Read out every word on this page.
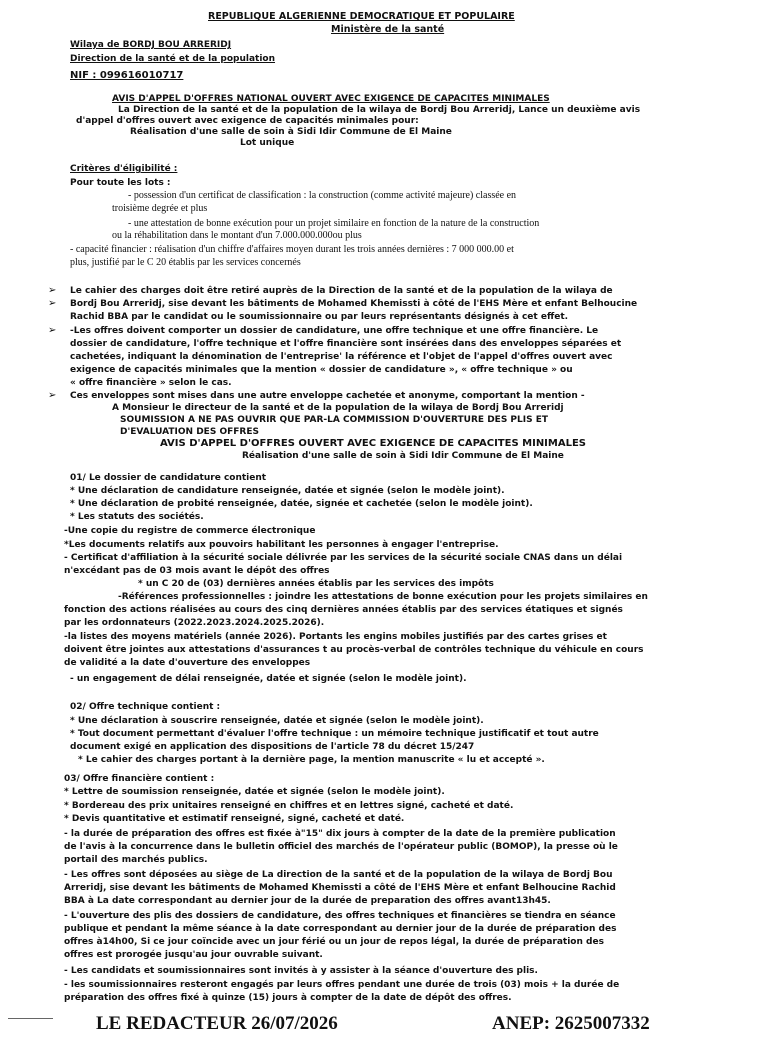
REPUBLIQUE ALGERIENNE DEMOCRATIQUE ET POPULAIRE
Ministère de la santé
Wilaya de BORDJ BOU ARRERIDJ
Direction de la santé et de la population
NIF : 099616010717
AVIS D'APPEL D'OFFRES NATIONAL OUVERT AVEC EXIGENCE DE CAPACITES MINIMALES
La Direction de la santé et de la population de la wilaya de Bordj Bou Arreridj, Lance un deuxième avis
d'appel d'offres ouvert avec exigence de capacités minimales pour:
Réalisation d'une salle de soin à Sidi Idir Commune de El Maine
Lot unique
Critères d'éligibilité :
Pour toute les lots :
- possession d'un certificat de classification : la construction (comme activité majeure) classée en
troisième degrée et plus
- une attestation de bonne exécution pour un projet similaire en fonction de la nature de la construction
ou la réhabilitation dans le montant d'un 7.000.000.000ou plus
- capacité financier : réalisation d'un chiffre d'affaires moyen durant les trois années dernières : 7 000 000.00 et
plus, justifié par le C 20 établis par les services concernés
➢
➢
➢
➢
Le cahier des charges doit être retiré auprès de la Direction de la santé et de la population de la wilaya de
Bordj Bou Arreridj, sise devant les bâtiments de Mohamed Khemissti à côté de l'EHS Mère et enfant Belhoucine
Rachid BBA par le candidat ou le soumissionnaire ou par leurs représentants désignés à cet effet.
-Les offres doivent comporter un dossier de candidature, une offre technique et une offre financière. Le
dossier de candidature, l'offre technique et l'offre financière sont insérées dans des enveloppes séparées et
cachetées, indiquant la dénomination de l'entreprise' la référence et l'objet de l'appel d'offres ouvert avec
exigence de capacités minimales que la mention « dossier de candidature », « offre technique » ou
« offre financière » selon le cas.
Ces enveloppes sont mises dans une autre enveloppe cachetée et anonyme, comportant la mention -
A Monsieur le directeur de la santé et de la population de la wilaya de Bordj Bou Arreridj
SOUMISSION A NE PAS OUVRIR QUE PAR-LA COMMISSION D'OUVERTURE DES PLIS ET
D'EVALUATION DES OFFRES
AVIS D'APPEL D'OFFRES OUVERT AVEC EXIGENCE DE CAPACITES MINIMALES
Réalisation d'une salle de soin à Sidi Idir Commune de El Maine
01/ Le dossier de candidature contient
* Une déclaration de candidature renseignée, datée et signée (selon le modèle joint).
* Une déclaration de probité renseignée, datée, signée et cachetée (selon le modèle joint).
* Les statuts des sociétés.
-Une copie du registre de commerce électronique
*Les documents relatifs aux pouvoirs habilitant les personnes à engager l'entreprise.
- Certificat d'affiliation à la sécurité sociale délivrée par les services de la sécurité sociale CNAS dans un délai
n'excédant pas de 03 mois avant le dépôt des offres
* un C 20 de (03) dernières années établis par les services des impôts
-Références professionnelles : joindre les attestations de bonne exécution pour les projets similaires en
fonction des actions réalisées au cours des cinq dernières années établis par des services étatiques et signés
par les ordonnateurs (2022.2023.2024.2025.2026).
-la listes des moyens matériels (année 2026). Portants les engins mobiles justifiés par des cartes grises et
doivent être jointes aux attestations d'assurances t au procès-verbal de contrôles technique du véhicule en cours
de validité a la date d'ouverture des enveloppes
- un engagement de délai renseignée, datée et signée (selon le modèle joint).
02/ Offre technique contient :
* Une déclaration à souscrire renseignée, datée et signée (selon le modèle joint).
* Tout document permettant d'évaluer l'offre technique : un mémoire technique justificatif et tout autre
document exigé en application des dispositions de l'article 78 du décret 15/247
* Le cahier des charges portant à la dernière page, la mention manuscrite « lu et accepté ».
03/ Offre financière contient :
* Lettre de soumission renseignée, datée et signée (selon le modèle joint).
* Bordereau des prix unitaires renseigné en chiffres et en lettres signé, cacheté et daté.
* Devis quantitative et estimatif renseigné, signé, cacheté et daté.
- la durée de préparation des offres est fixée à"15" dix jours à compter de la date de la première publication
de l'avis à la concurrence dans le bulletin officiel des marchés de l'opérateur public (BOMOP), la presse où le
portail des marchés publics.
- Les offres sont déposées au siège de La direction de la santé et de la population de la wilaya de Bordj Bou
Arreridj, sise devant les bâtiments de Mohamed Khemissti a côté de l'EHS Mère et enfant Belhoucine Rachid
BBA à La date correspondant au dernier jour de la durée de preparation des offres avant13h45.
- L'ouverture des plis des dossiers de candidature, des offres techniques et financières se tiendra en séance
publique et pendant la même séance à la date correspondant au dernier jour de la durée de préparation des
offres à14h00, Si ce jour coïncide avec un jour férié ou un jour de repos légal, la durée de préparation des
offres est prorogée jusqu'au jour ouvrable suivant.
- Les candidats et soumissionnaires sont invités à y assister à la séance d'ouverture des plis.
- les soumissionnaires resteront engagés par leurs offres pendant une durée de trois (03) mois + la durée de
préparation des offres fixé à quinze (15) jours à compter de la date de dépôt des offres.
LE REDACTEUR 26/07/2026	ANEP: 2625007332
